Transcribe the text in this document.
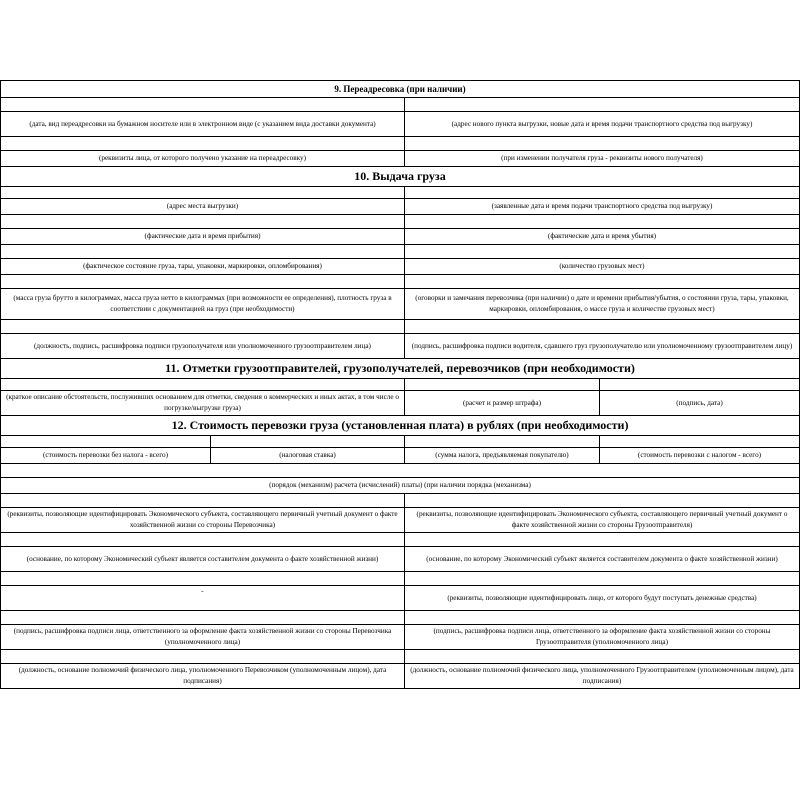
9. Переадресовка (при наличии)			

(дата, вид переадресовки на бумажном носителе или в электронном виде (с указанием вида доставки документа)		(адрес нового пункта выгрузки, новые дата и время подачи транспортного средства под выгрузку)	

(реквизиты лица, от которого получено указание на переадресовку)		(при изменении получателя груза - реквизиты нового получателя)	
10. Выдача груза			

(адрес места выгрузки)		(заявленные дата и время подачи транспортного средства под выгрузку)	

(фактические дата и время прибытия)		(фактические дата и время убытия)	

(фактическое состояние груза, тары, упаковки, маркировки, опломбирования)		(количество грузовых мест)	

(масса груза брутто в килограммах, масса груза нетто в килограммах (при возможности ее определения), плотность груза в соответствии с документацией на груз (при необходимости)		(оговорки и замечания перевозчика (при наличии) о дате и времени прибытия/убытия, о состоянии груза, тары, упаковки, маркировки, опломбирования, о массе груза и количестве грузовых мест)	

(должность, подпись, расшифровка подписи грузополучателя или уполномоченного грузоотправителем лица)		(подпись, расшифровка подписи водителя, сдавшего груз грузополучателю или уполномоченному грузоотправителем лицу)	
11. Отметки грузоотправителей, грузополучателей, перевозчиков (при необходимости)			

(краткое описание обстоятельств, послуживших основанием для отметки, сведения о коммерческих и иных актах, в том числе о погрузке/выгрузке груза)		(расчет и размер штрафа)	(подпись, дата)
12. Стоимость перевозки груза (установленная плата) в рублях (при необходимости)			

(стоимость перевозки без налога - всего)	(налоговая ставка)	(сумма налога, предъявляемая покупателю)	(стоимость перевозки с налогом - всего)

(порядок (механизм) расчета (исчислений) платы) (при наличии порядка (механизма)			

(реквизиты, позволяющие идентифицировать Экономического субъекта, составляющего первичный учетный документ о факте хозяйственной жизни со стороны Перевозчика)		(реквизиты, позволяющие идентифицировать Экономического субъекта, составляющего первичный учетный документ о факте хозяйственной жизни со стороны Грузоотправителя)	

(основание, по которому Экономический субъект является составителем документа о факте хозяйственной жизни)		(основание, по которому Экономический субъект является составителем документа о факте хозяйственной жизни)	

-		(реквизиты, позволяющие идентифицировать лицо, от которого будут поступать денежные средства)	

(подпись, расшифровка подписи лица, ответственного за оформление факта хозяйственной жизни со стороны Перевозчика (уполномоченного лица)		(подпись, расшифровка подписи лица, ответственного за оформление факта хозяйственной жизни со стороны Грузоотправителя (уполномоченного лица)	

(должность, основание полномочий физического лица, уполномоченного Перевозчиком (уполномоченным лицом), дата подписания)		(должность, основание полномочий физического лица, уполномоченного Грузоотправителем (уполномоченным лицом), дата подписания)	
